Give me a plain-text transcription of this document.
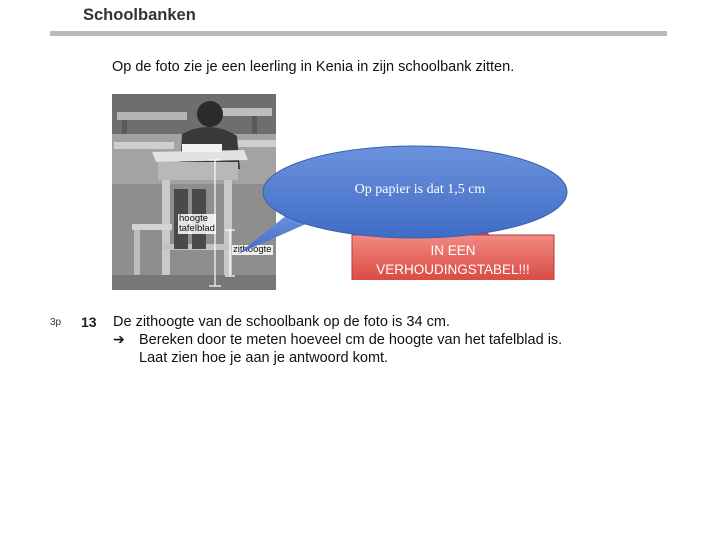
Schoolbanken
Op de foto zie je een leerling in Kenia in zijn schoolbank zitten.
hoogte tafelblad
zithoogte
3p 13 De zithoogte van de schoolbank op de foto is 34 cm.
➔ Bereken door te meten hoeveel cm de hoogte van het tafelblad is.
Laat zien hoe je aan je antwoord komt.
Op papier is dat 1,5 cm
IN EEN VERHOUDINGSTABEL!!!
